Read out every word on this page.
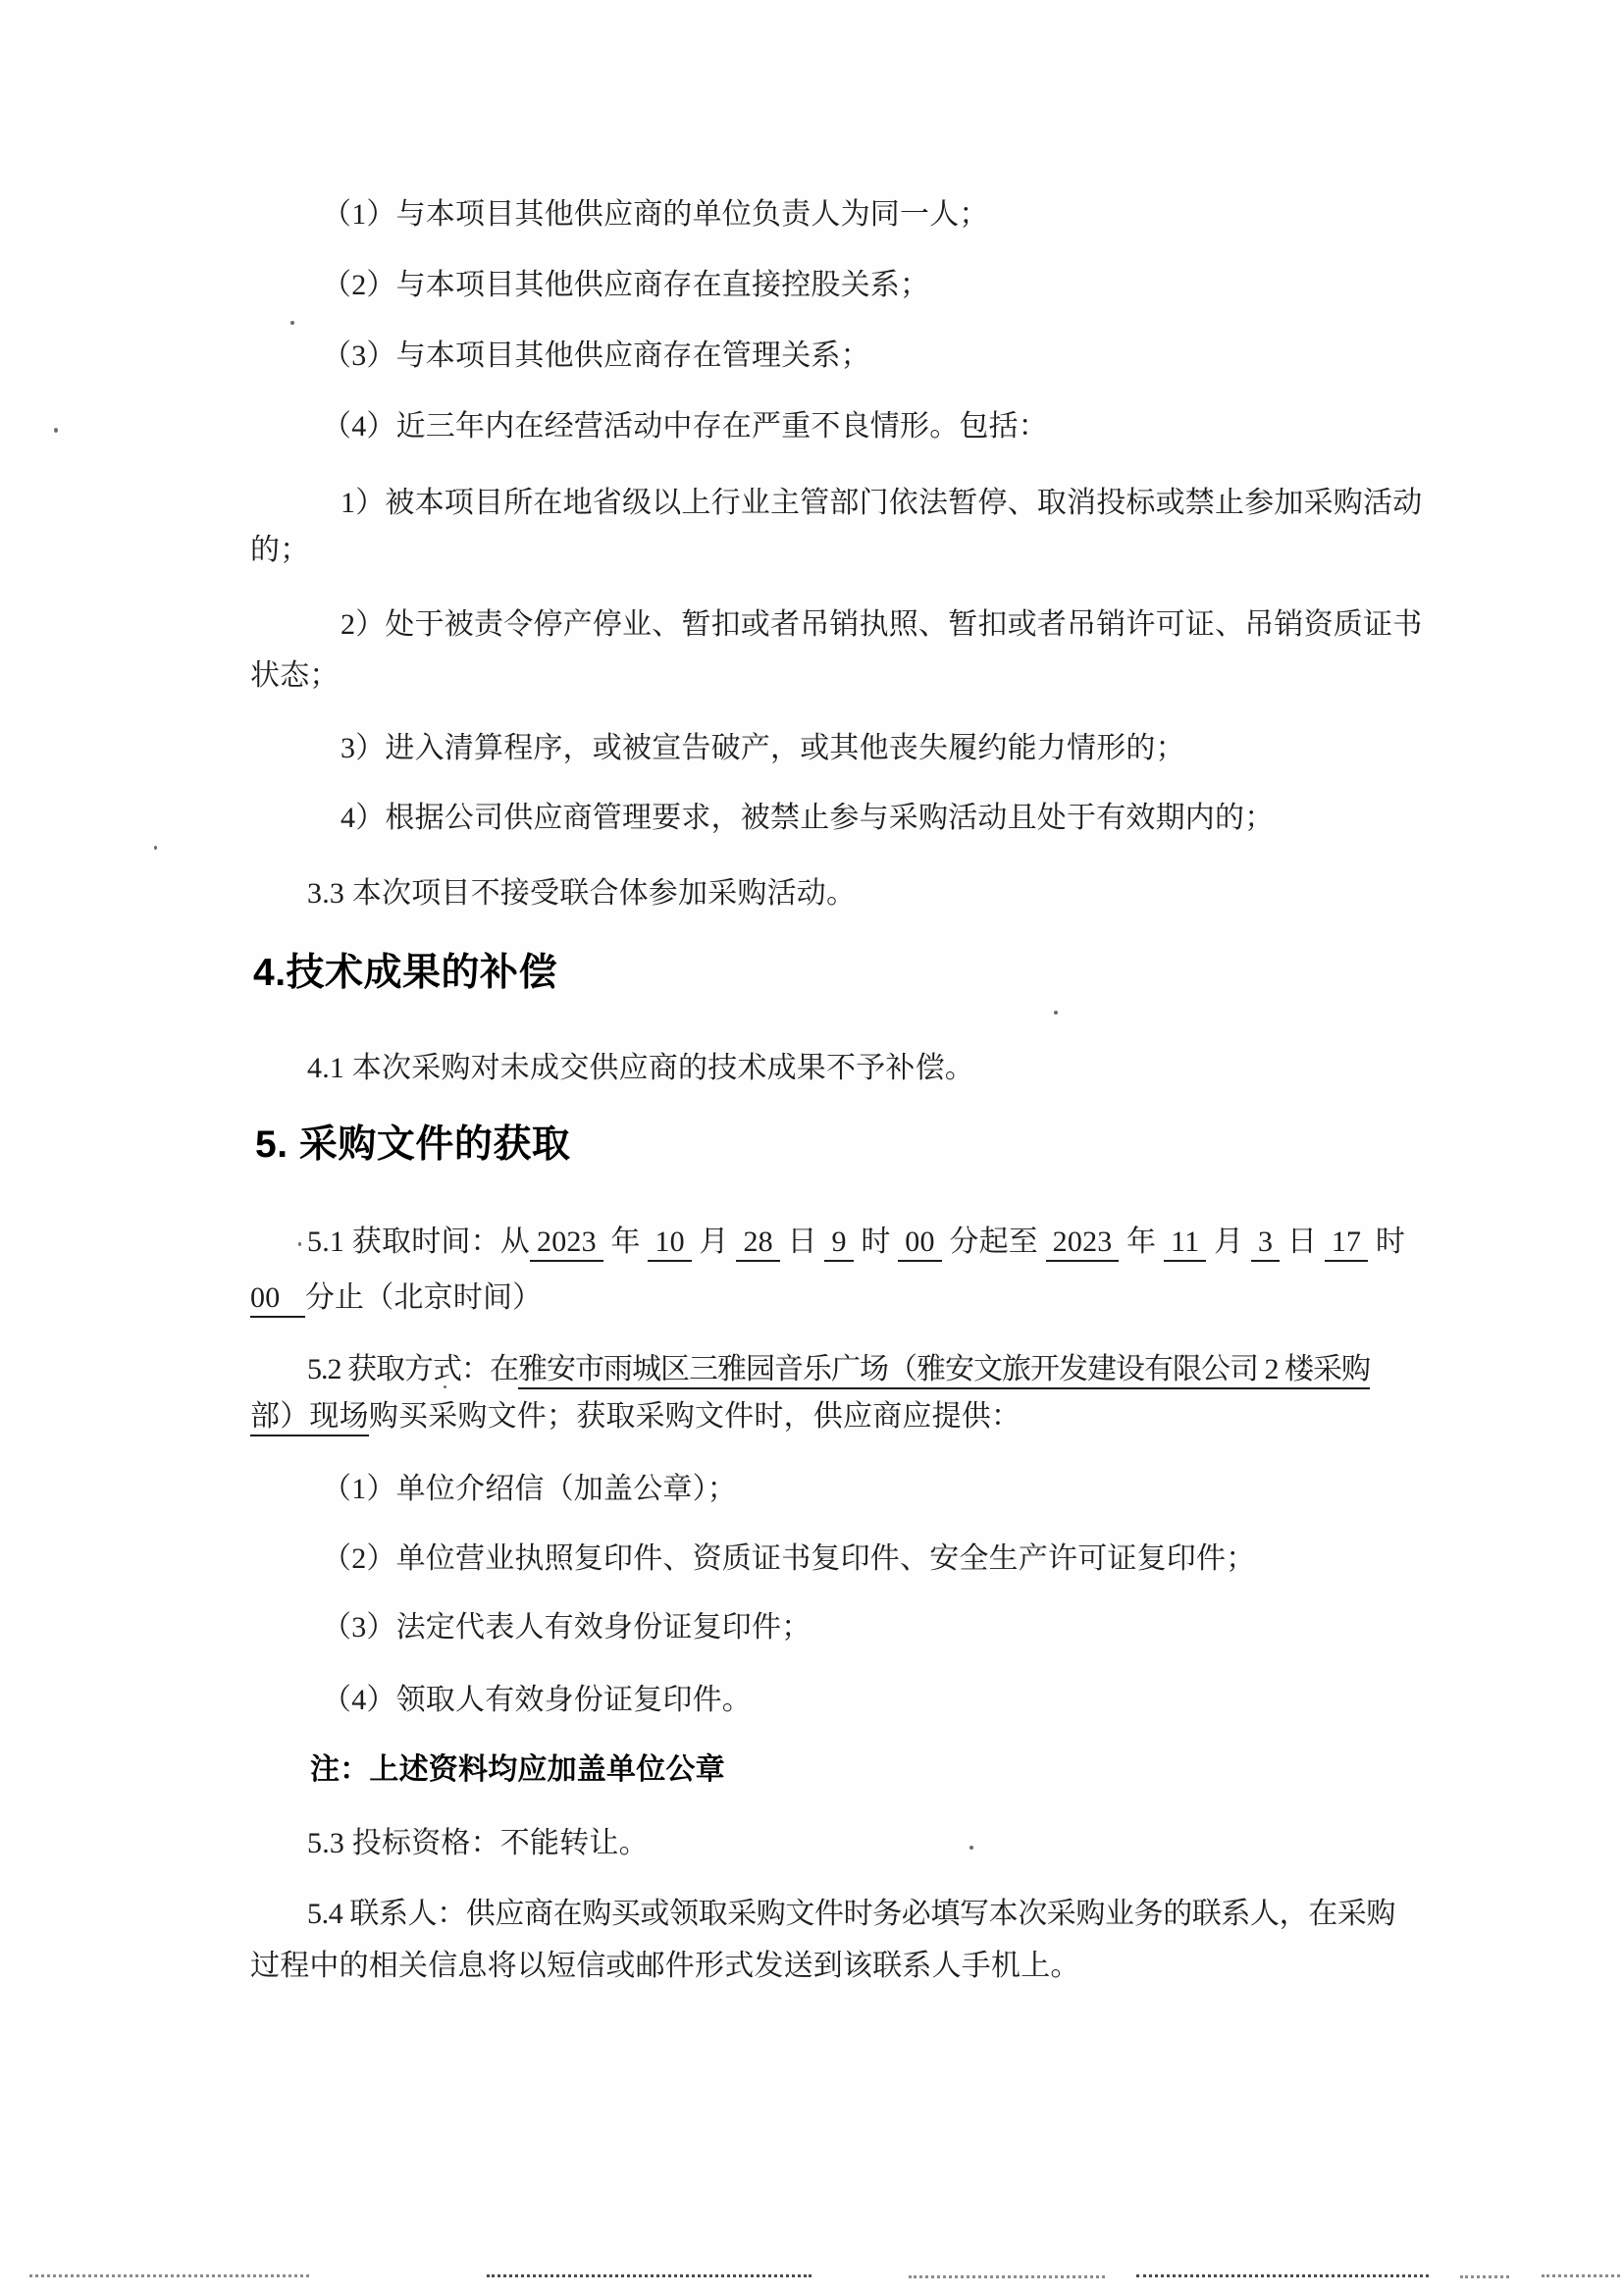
（1）与本项目其他供应商的单位负责人为同一人；
（2）与本项目其他供应商存在直接控股关系；
（3）与本项目其他供应商存在管理关系；
（4）近三年内在经营活动中存在严重不良情形。包括：
1）被本项目所在地省级以上行业主管部门依法暂停、取消投标或禁止参加采购活动
的；
2）处于被责令停产停业、暂扣或者吊销执照、暂扣或者吊销许可证、吊销资质证书
状态；
3）进入清算程序，或被宣告破产，或其他丧失履约能力情形的；
4）根据公司供应商管理要求，被禁止参与采购活动且处于有效期内的；
3.3 本次项目不接受联合体参加采购活动。
4.技术成果的补偿
4.1 本次采购对未成交供应商的技术成果不予补偿。
5. 采购文件的获取
5.1 获取时间：从 2023 年 10 月 28 日 9 时 00 分起至 2023 年 11 月 3 日 17 时
00  分止（北京时间）
5.2 获取方式：在雅安市雨城区三雅园音乐广场（雅安文旅开发建设有限公司 2 楼采购
部）现场购买采购文件；获取采购文件时，供应商应提供：
（1）单位介绍信（加盖公章）；
（2）单位营业执照复印件、资质证书复印件、安全生产许可证复印件；
（3）法定代表人有效身份证复印件；
（4）领取人有效身份证复印件。
注：上述资料均应加盖单位公章
5.3 投标资格：不能转让。
5.4 联系人：供应商在购买或领取采购文件时务必填写本次采购业务的联系人，在采购
过程中的相关信息将以短信或邮件形式发送到该联系人手机上。
